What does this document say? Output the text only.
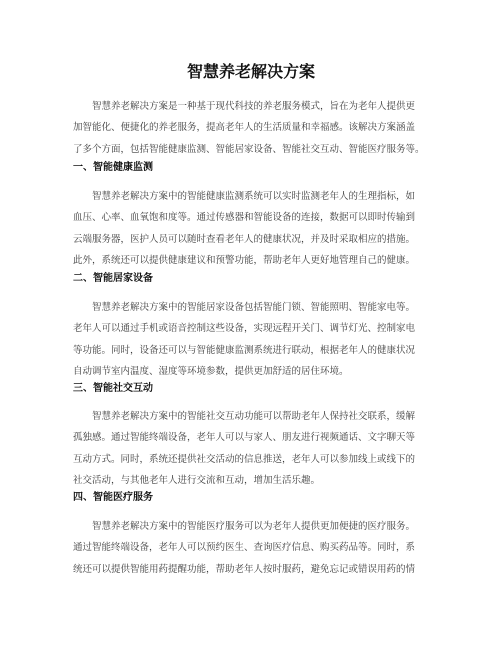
智慧养老解决方案

智慧养老解决方案是一种基于现代科技的养老服务模式，旨在为老年人提供更
加智能化、便捷化的养老服务，提高老年人的生活质量和幸福感。该解决方案涵盖
了多个方面，包括智能健康监测、智能居家设备、智能社交互动、智能医疗服务等。

一、智能健康监测

智慧养老解决方案中的智能健康监测系统可以实时监测老年人的生理指标，如
血压、心率、血氧饱和度等。通过传感器和智能设备的连接，数据可以即时传输到
云端服务器，医护人员可以随时查看老年人的健康状况，并及时采取相应的措施。
此外，系统还可以提供健康建议和预警功能，帮助老年人更好地管理自己的健康。

二、智能居家设备

智慧养老解决方案中的智能居家设备包括智能门锁、智能照明、智能家电等。
老年人可以通过手机或语音控制这些设备，实现远程开关门、调节灯光、控制家电
等功能。同时，设备还可以与智能健康监测系统进行联动，根据老年人的健康状况
自动调节室内温度、湿度等环境参数，提供更加舒适的居住环境。

三、智能社交互动

智慧养老解决方案中的智能社交互动功能可以帮助老年人保持社交联系，缓解
孤独感。通过智能终端设备，老年人可以与家人、朋友进行视频通话、文字聊天等
互动方式。同时，系统还提供社交活动的信息推送，老年人可以参加线上或线下的
社交活动，与其他老年人进行交流和互动，增加生活乐趣。

四、智能医疗服务

智慧养老解决方案中的智能医疗服务可以为老年人提供更加便捷的医疗服务。
通过智能终端设备，老年人可以预约医生、查询医疗信息、购买药品等。同时，系
统还可以提供智能用药提醒功能，帮助老年人按时服药，避免忘记或错误用药的情
